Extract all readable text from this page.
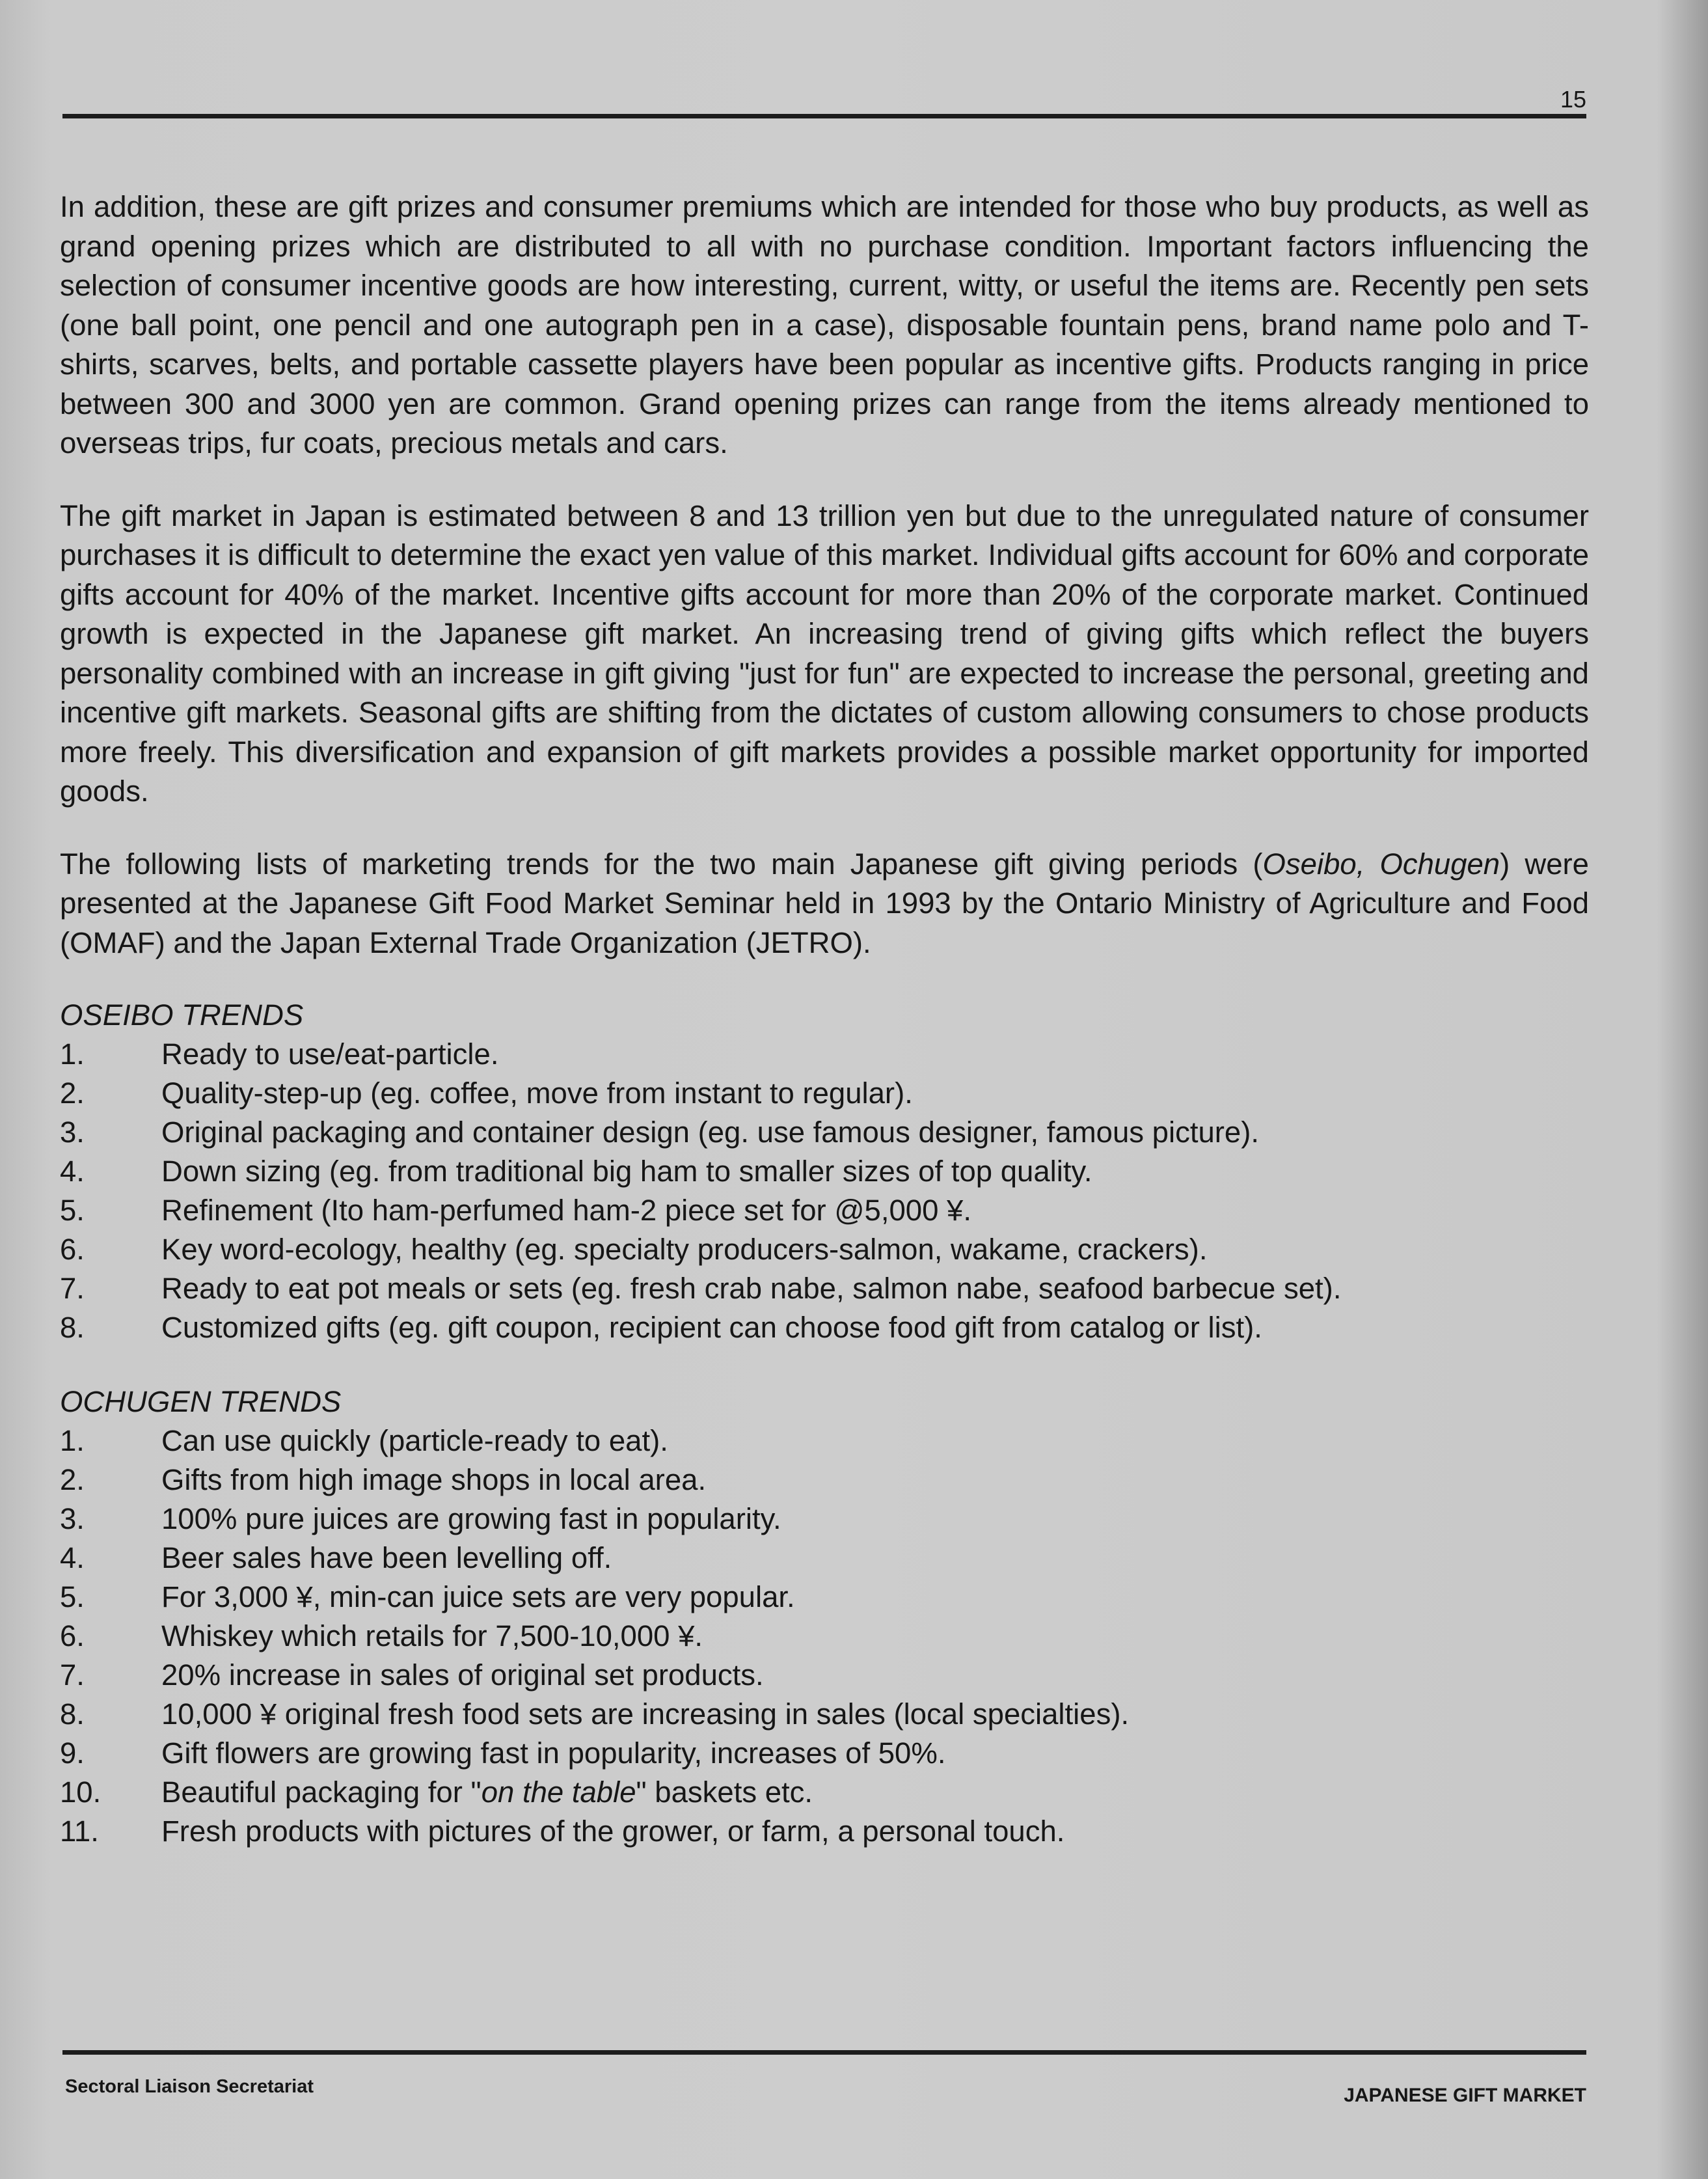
15

In addition, these are gift prizes and consumer premiums which are intended for those who buy products, as well as grand opening prizes which are distributed to all with no purchase condition. Important factors influencing the selection of consumer incentive goods are how interesting, current, witty, or useful the items are. Recently pen sets (one ball point, one pencil and one autograph pen in a case), disposable fountain pens, brand name polo and T- shirts, scarves, belts, and portable cassette players have been popular as incentive gifts. Products ranging in price between 300 and 3000 yen are common. Grand opening prizes can range from the items already mentioned to overseas trips, fur coats, precious metals and cars.

The gift market in Japan is estimated between 8 and 13 trillion yen but due to the unregulated nature of consumer purchases it is difficult to determine the exact yen value of this market. Individual gifts account for 60% and corporate gifts account for 40% of the market. Incentive gifts account for more than 20% of the corporate market. Continued growth is expected in the Japanese gift market. An increasing trend of giving gifts which reflect the buyers personality combined with an increase in gift giving "just for fun" are expected to increase the personal, greeting and incentive gift markets. Seasonal gifts are shifting from the dictates of custom allowing consumers to chose products more freely. This diversification and expansion of gift markets provides a possible market opportunity for imported goods.

The following lists of marketing trends for the two main Japanese gift giving periods (Oseibo, Ochugen) were presented at the Japanese Gift Food Market Seminar held in 1993 by the Ontario Ministry of Agriculture and Food (OMAF) and the Japan External Trade Organization (JETRO).

OSEIBO TRENDS
1.	Ready to use/eat-particle.
2.	Quality-step-up (eg. coffee, move from instant to regular).
3.	Original packaging and container design (eg. use famous designer, famous picture).
4.	Down sizing (eg. from traditional big ham to smaller sizes of top quality.
5.	Refinement (Ito ham-perfumed ham-2 piece set for @5,000 ¥.
6.	Key word-ecology, healthy (eg. specialty producers-salmon, wakame, crackers).
7.	Ready to eat pot meals or sets (eg. fresh crab nabe, salmon nabe, seafood barbecue set).
8.	Customized gifts (eg. gift coupon, recipient can choose food gift from catalog or list).
OCHUGEN TRENDS
1.	Can use quickly (particle-ready to eat).
2.	Gifts from high image shops in local area.
3.	100% pure juices are growing fast in popularity.
4.	Beer sales have been levelling off.
5.	For 3,000 ¥, min-can juice sets are very popular.
6.	Whiskey which retails for 7,500-10,000 ¥.
7.	20% increase in sales of original set products.
8.	10,000 ¥ original fresh food sets are increasing in sales (local specialties).
9.	Gift flowers are growing fast in popularity, increases of 50%.
10.	Beautiful packaging for "on the table" baskets etc.
11.	Fresh products with pictures of the grower, or farm, a personal touch.
Sectoral Liaison Secretariat	JAPANESE GIFT MARKET
